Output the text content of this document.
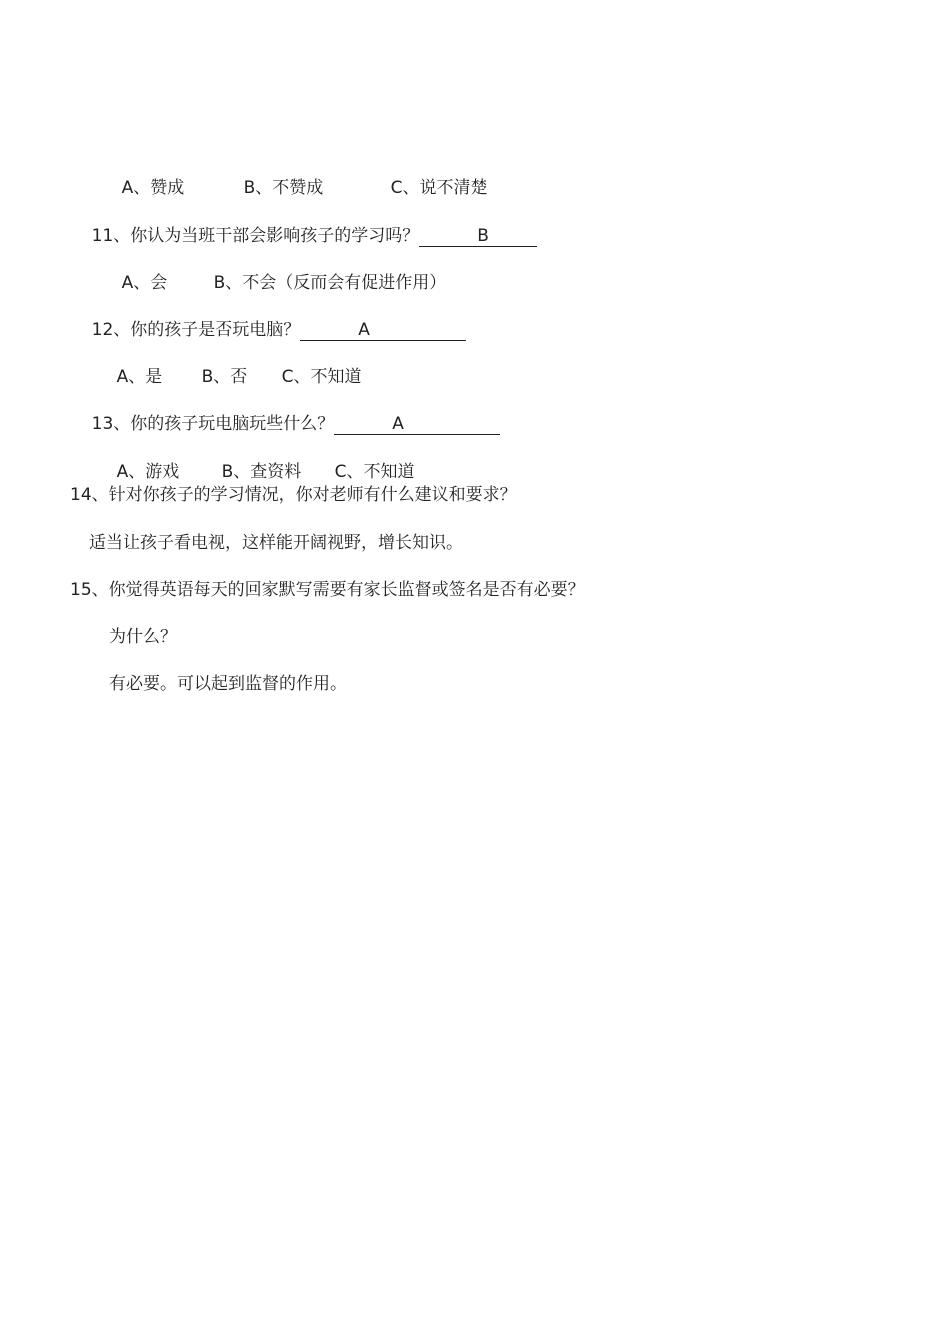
A、赞成	B、不赞成	C、说不清楚

11、你认为当班干部会影响孩子的学习吗？	B

A、会	B、不会（反而会有促进作用）

12、你的孩子是否玩电脑？	A

A、是 B、否 C、不知道

13、你的孩子玩电脑玩些什么？	A

A、游戏 B、查资料 C、不知道

14、针对你孩子的学习情况，你对老师有什么建议和要求？
适当让孩子看电视，这样能开阔视野，增长知识。
15、你觉得英语每天的回家默写需要有家长监督或签名是否有必要？
为什么？
有必要。可以起到监督的作用。
